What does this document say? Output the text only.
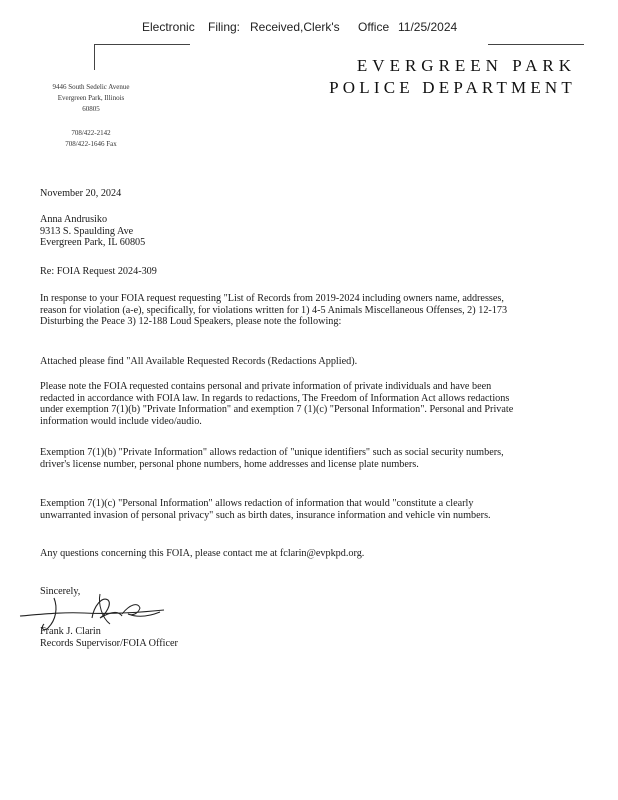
Electronic Filing: Received,Clerk's Office 11/25/2024
9446 South Sedelic Avenue
Evergreen Park, Illinois
60805
708/422-2142
708/422-1646 Fax
EVERGREEN PARK
POLICE DEPARTMENT
November 20, 2024

Anna Andrusiko

9313 S. Spaulding Ave

Evergreen Park, IL 60805

Re: FOIA Request 2024-309
In response to your FOIA request requesting "List of Records from 2019-2024 including owners name, addresses, reason for violation (a-e), specifically, for violations written for 1) 4-5 Animals Miscellaneous Offenses, 2) 12-173 Disturbing the Peace 3) 12-188 Loud Speakers, please note the following:
Attached please find "All Available Requested Records (Redactions Applied).
Please note the FOIA requested contains personal and private information of private individuals and have been redacted in accordance with FOIA law. In regards to redactions, The Freedom of Information Act allows redactions under exemption 7(1)(b) "Private Information" and exemption 7 (1)(c) "Personal Information". Personal and Private information would include video/audio.
Exemption 7(1)(b) "Private Information" allows redaction of "unique identifiers" such as social security numbers, driver's license number, personal phone numbers, home addresses and license plate numbers.
Exemption 7(1)(c) "Personal Information" allows redaction of information that would "constitute a clearly unwarranted invasion of personal privacy" such as birth dates, insurance information and vehicle vin numbers.
Any questions concerning this FOIA, please contact me at fclarin@evpkpd.org.
Sincerely,

Frank J. Clarin

Records Supervisor/FOIA Officer
